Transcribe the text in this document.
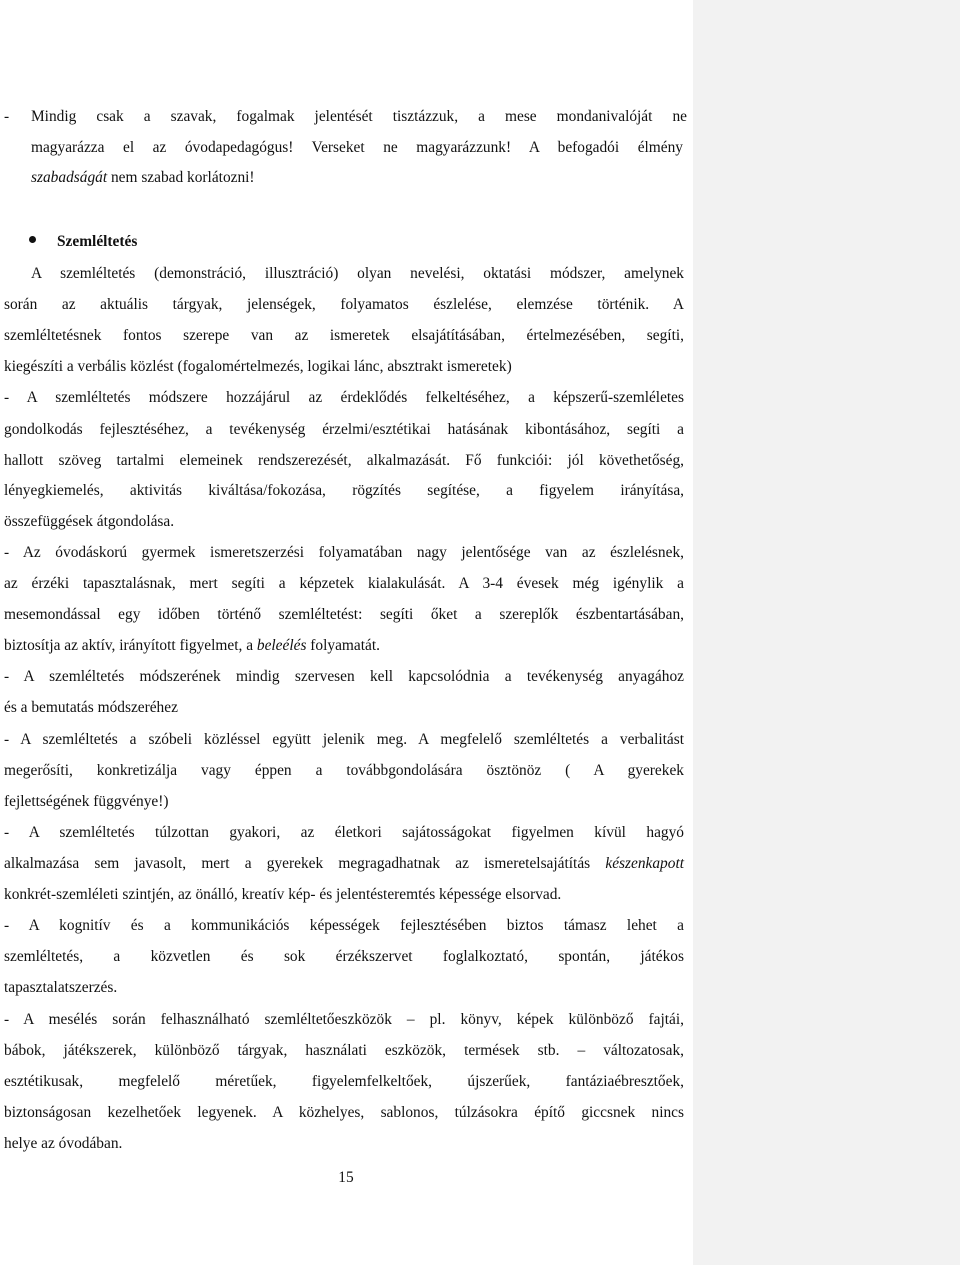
- Mindig csak a szavak, fogalmak jelentését tisztázzuk, a mese mondanivalóját ne
magyarázza el az óvodapedagógus! Verseket ne magyarázzunk! A befogadói élmény
szabadságát nem szabad korlátozni!
Szemléltetés
A szemléltetés (demonstráció, illusztráció) olyan nevelési, oktatási módszer, amelynek
során az aktuális tárgyak, jelenségek, folyamatos észlelése, elemzése történik. A
szemléltetésnek fontos szerepe van az ismeretek elsajátításában, értelmezésében, segíti,
kiegészíti a verbális közlést (fogalomértelmezés, logikai lánc, absztrakt ismeretek)
- A szemléltetés módszere hozzájárul az érdeklődés felkeltéséhez, a képszerű-szemléletes
gondolkodás fejlesztéséhez, a tevékenység érzelmi/esztétikai hatásának kibontásához, segíti a
hallott szöveg tartalmi elemeinek rendszerezését, alkalmazását. Fő funkciói: jól követhetőség,
lényegkiemelés, aktivitás kiváltása/fokozása, rögzítés segítése, a figyelem irányítása,
összefüggések átgondolása.
- Az óvodáskorú gyermek ismeretszerzési folyamatában nagy jelentősége van az észlelésnek,
az érzéki tapasztalásnak, mert segíti a képzetek kialakulását. A 3-4 évesek még igénylik a
mesemondással egy időben történő szemléltetést: segíti őket a szereplők észbentartásában,
biztosítja az aktív, irányított figyelmet, a beleélés folyamatát.
- A szemléltetés módszerének mindig szervesen kell kapcsolódnia a tevékenység anyagához
és a bemutatás módszeréhez
- A szemléltetés a szóbeli közléssel együtt jelenik meg. A megfelelő szemléltetés a verbalitást
megerősíti, konkretizálja vagy éppen a továbbgondolására ösztönöz ( A gyerekek
fejlettségének függvénye!)
- A szemléltetés túlzottan gyakori, az életkori sajátosságokat figyelmen kívül hagyó
alkalmazása sem javasolt, mert a gyerekek megragadhatnak az ismeretelsajátítás készenkapott
konkrét-szemléleti szintjén, az önálló, kreatív kép- és jelentésteremtés képessége elsorvad.
- A kognitív és a kommunikációs képességek fejlesztésében biztos támasz lehet a
szemléltetés, a közvetlen és sok érzékszervet foglalkoztató, spontán, játékos
tapasztalatszerzés.
- A mesélés során felhasználható szemléltetőeszközök – pl. könyv, képek különböző fajtái,
bábok, játékszerek, különböző tárgyak, használati eszközök, termések stb. – változatosak,
esztétikusak, megfelelő méretűek, figyelemfelkeltőek, újszerűek, fantáziaébresztőek,
biztonságosan kezelhetőek legyenek. A közhelyes, sablonos, túlzásokra építő giccsnek nincs
helye az óvodában.
15
